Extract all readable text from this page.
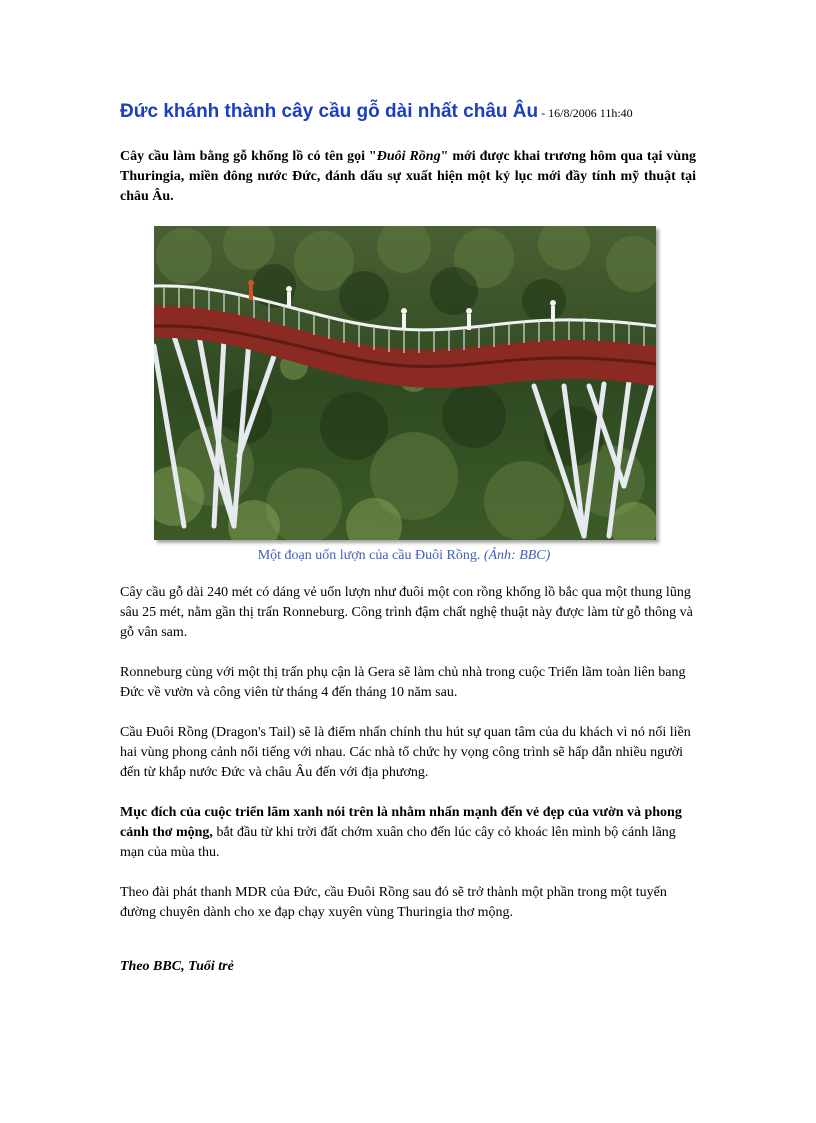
Đức khánh thành cây cầu gỗ dài nhất châu Âu - 16/8/2006 11h:40

Cây cầu làm bằng gỗ khổng lồ có tên gọi "Đuôi Rồng" mới được khai trương hôm qua tại vùng Thuringia, miền đông nước Đức, đánh dấu sự xuất hiện một kỷ lục mới đầy tính mỹ thuật tại châu Âu.

Một đoạn uốn lượn của cầu Đuôi Rồng. (Ảnh: BBC)

Cây cầu gỗ dài 240 mét có dáng vẻ uốn lượn như đuôi một con rồng khổng lồ bắc qua một thung lũng sâu 25 mét, nằm gần thị trấn Ronneburg. Công trình đậm chất nghệ thuật này được làm từ gỗ thông và gỗ vân sam.

Ronneburg cùng với một thị trấn phụ cận là Gera sẽ làm chủ nhà trong cuộc Triển lãm toàn liên bang Đức về vườn và công viên từ tháng 4 đến tháng 10 năm sau.

Cầu Đuôi Rồng (Dragon's Tail) sẽ là điểm nhấn chính thu hút sự quan tâm của du khách vì nó nối liền hai vùng phong cảnh nổi tiếng với nhau. Các nhà tổ chức hy vọng công trình sẽ hấp dẫn nhiều người đến từ khắp nước Đức và châu Âu đến với địa phương.

Mục đích của cuộc triển lãm xanh nói trên là nhằm nhấn mạnh đến vẻ đẹp của vườn và phong cảnh thơ mộng, bắt đầu từ khi trời đất chớm xuân cho đến lúc cây cỏ khoác lên mình bộ cánh lãng mạn của mùa thu.

Theo đài phát thanh MDR của Đức, cầu Đuôi Rồng sau đó sẽ trở thành một phần trong một tuyến đường chuyên dành cho xe đạp chạy xuyên vùng Thuringia thơ mộng.

Theo BBC, Tuổi trẻ
